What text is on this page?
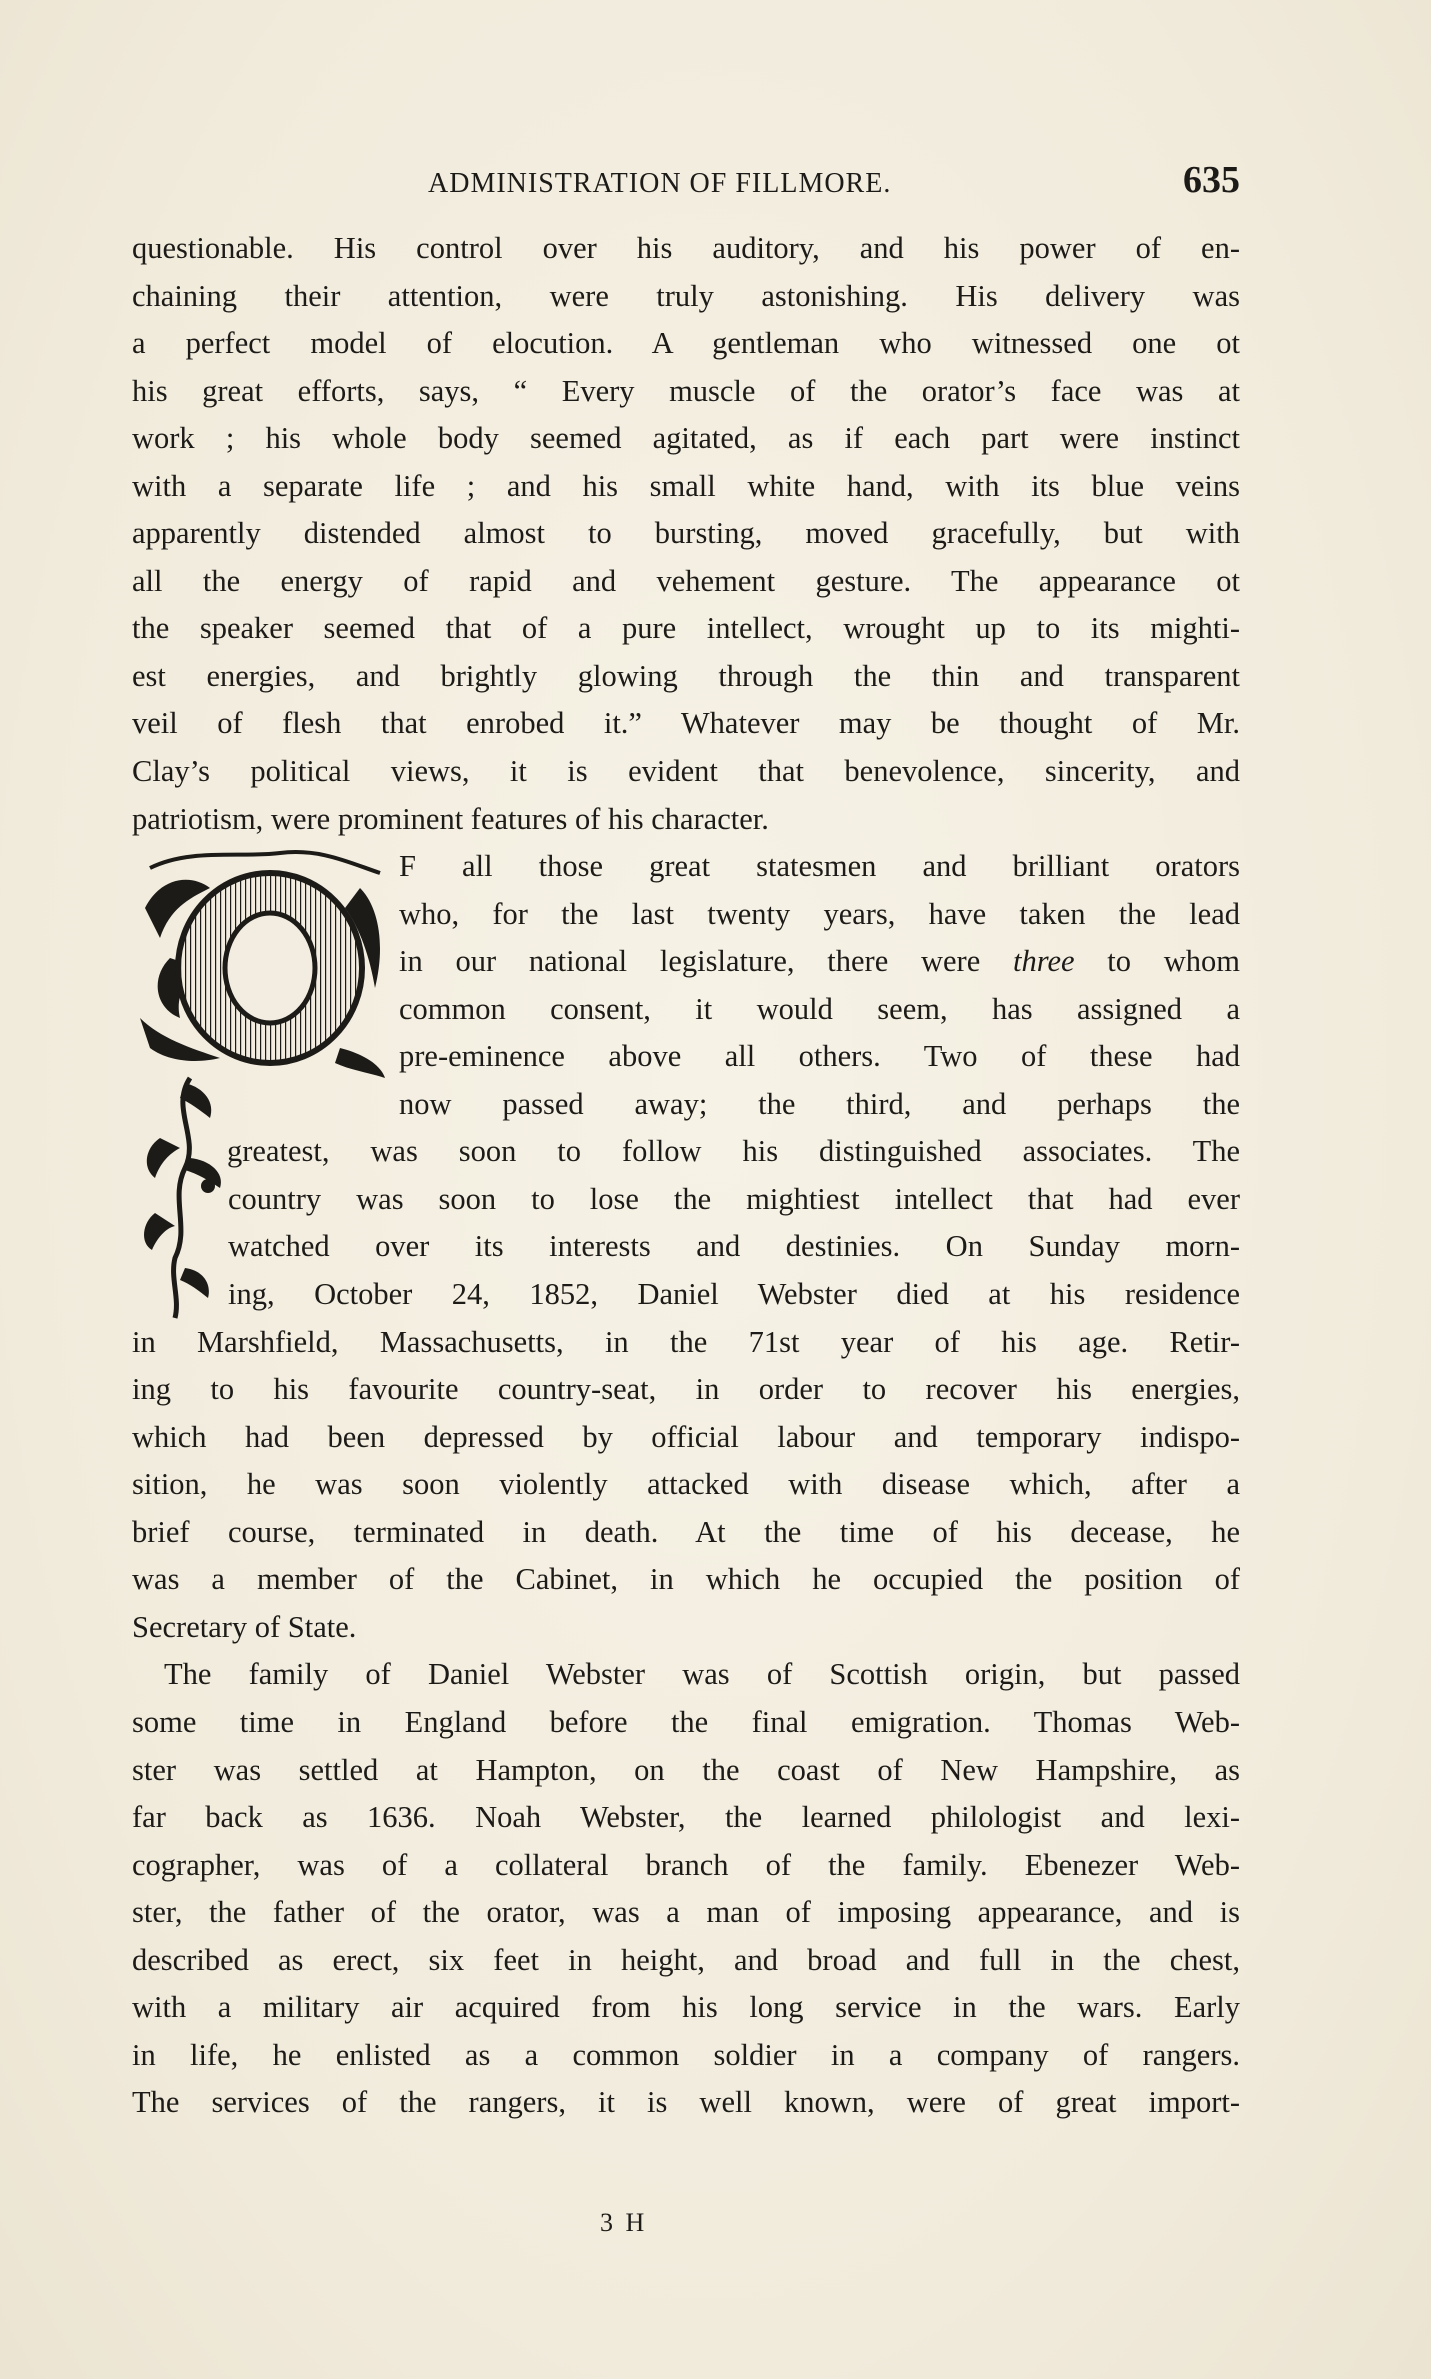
ADMINISTRATION OF FILLMORE.	635
questionable. His control over his auditory, and his power of en-
chaining their attention, were truly astonishing. His delivery was
a perfect model of elocution. A gentleman who witnessed one ot
his great efforts, says, “ Every muscle of the orator’s face was at
work ; his whole body seemed agitated, as if each part were instinct
with a separate life ; and his small white hand, with its blue veins
apparently distended almost to bursting, moved gracefully, but with
all the energy of rapid and vehement gesture. The appearance ot
the speaker seemed that of a pure intellect, wrought up to its mighti-
est energies, and brightly glowing through the thin and transparent
veil of flesh that enrobed it.” Whatever may be thought of Mr.
Clay’s political views, it is evident that benevolence, sincerity, and
patriotism, were prominent features of his character.
F all those great statesmen and brilliant orators
who, for the last twenty years, have taken the lead
in our national legislature, there were three to whom
common consent, it would seem, has assigned a
pre-eminence above all others. Two of these had
now passed away; the third, and perhaps the
greatest, was soon to follow his distinguished associates. The
country was soon to lose the mightiest intellect that had ever
watched over its interests and destinies. On Sunday morn-
ing, October 24, 1852, Daniel Webster died at his residence
in Marshfield, Massachusetts, in the 71st year of his age. Retir-
ing to his favourite country-seat, in order to recover his energies,
which had been depressed by official labour and temporary indispo-
sition, he was soon violently attacked with disease which, after a
brief course, terminated in death. At the time of his decease, he
was a member of the Cabinet, in which he occupied the position of
Secretary of State.
The family of Daniel Webster was of Scottish origin, but passed
some time in England before the final emigration. Thomas Web-
ster was settled at Hampton, on the coast of New Hampshire, as
far back as 1636. Noah Webster, the learned philologist and lexi-
cographer, was of a collateral branch of the family. Ebenezer Web-
ster, the father of the orator, was a man of imposing appearance, and is
described as erect, six feet in height, and broad and full in the chest,
with a military air acquired from his long service in the wars. Early
in life, he enlisted as a common soldier in a company of rangers.
The services of the rangers, it is well known, were of great import-
3 H
